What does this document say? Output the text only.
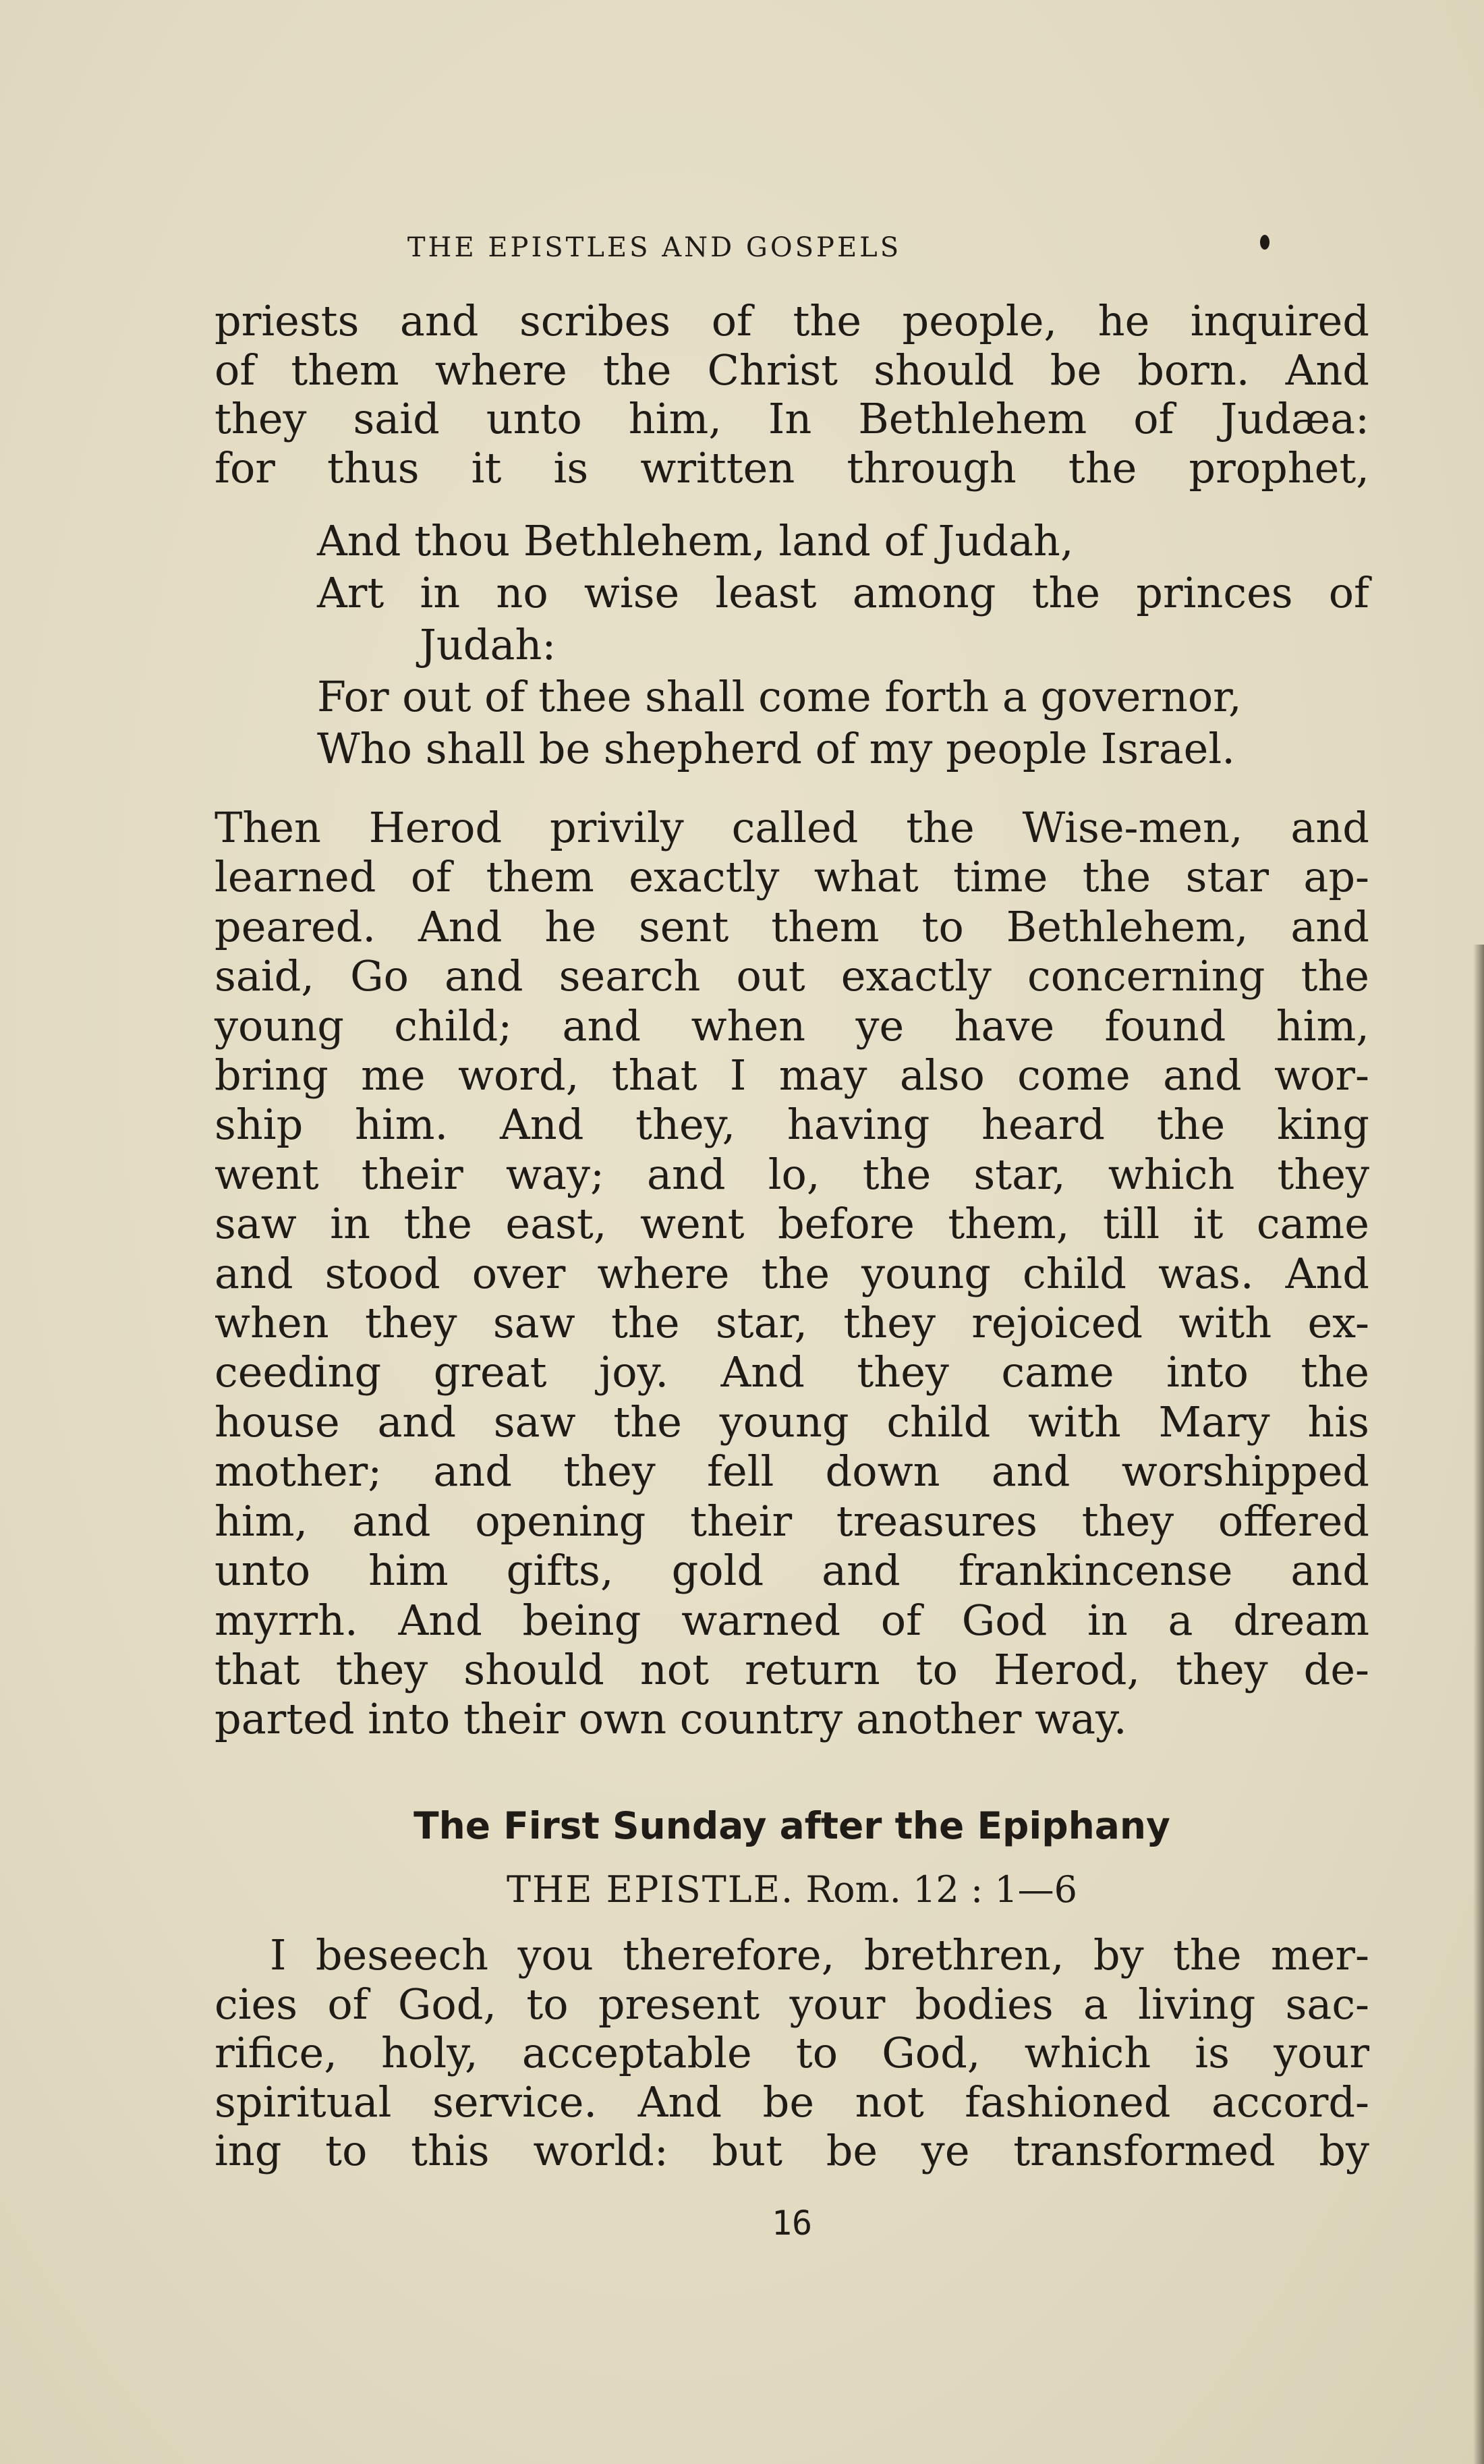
THE EPISTLES AND GOSPELS
priests and scribes of the people, he inquired
of them where the Christ should be born. And
they said unto him, In Bethlehem of Judæa:
for thus it is written through the prophet,
And thou Bethlehem, land of Judah,
Art in no wise least among the princes of
Judah:
For out of thee shall come forth a governor,
Who shall be shepherd of my people Israel.
Then Herod privily called the Wise-men, and
learned of them exactly what time the star ap-
peared. And he sent them to Bethlehem, and
said, Go and search out exactly concerning the
young child; and when ye have found him,
bring me word, that I may also come and wor-
ship him. And they, having heard the king
went their way; and lo, the star, which they
saw in the east, went before them, till it came
and stood over where the young child was. And
when they saw the star, they rejoiced with ex-
ceeding great joy. And they came into the
house and saw the young child with Mary his
mother; and they fell down and worshipped
him, and opening their treasures they offered
unto him gifts, gold and frankincense and
myrrh. And being warned of God in a dream
that they should not return to Herod, they de-
parted into their own country another way.
The First Sunday after the Epiphany
THE EPISTLE. Rom. 12 : 1—6
I beseech you therefore, brethren, by the mer-
cies of God, to present your bodies a living sac-
rifice, holy, acceptable to God, which is your
spiritual service. And be not fashioned accord-
ing to this world: but be ye transformed by
16
